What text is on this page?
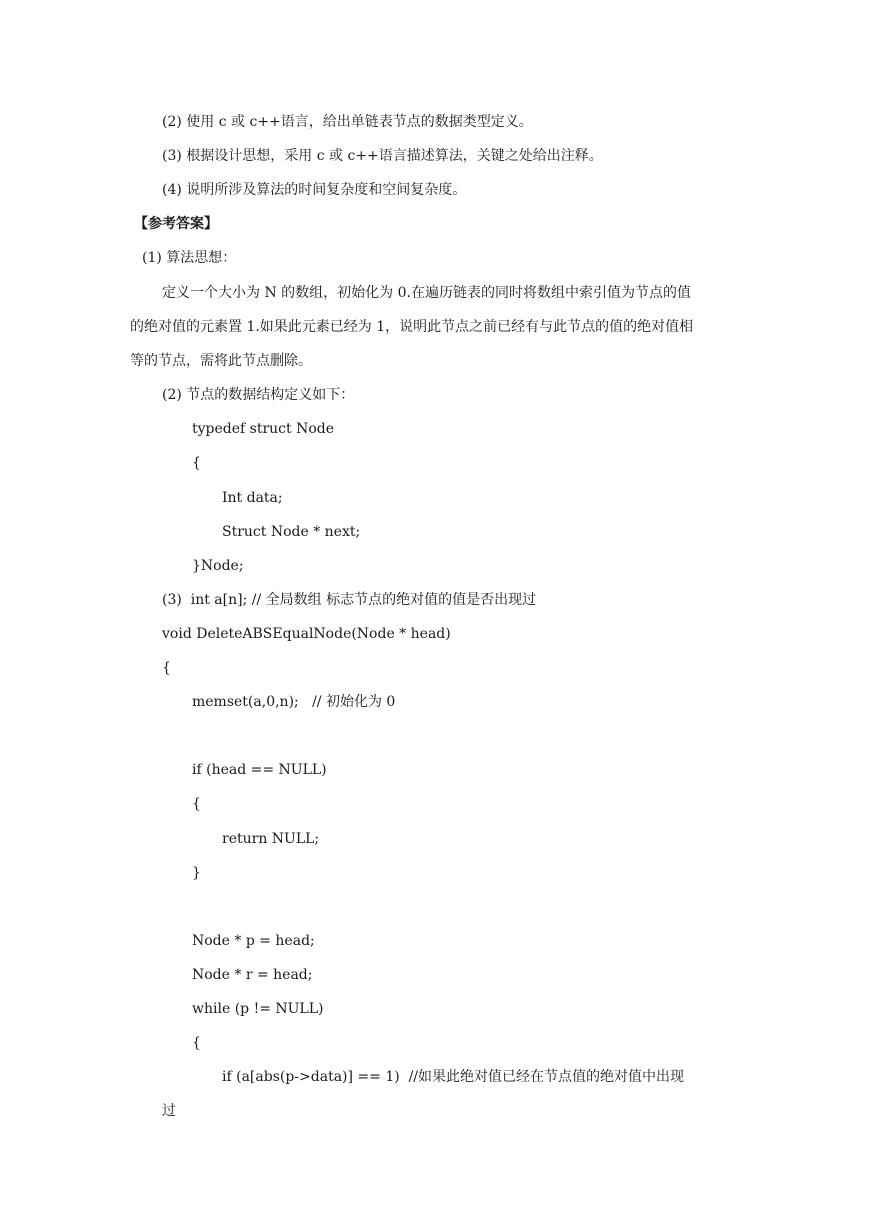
(2) 使用 c 或 c++语言，给出单链表节点的数据类型定义。
(3) 根据设计思想，采用 c 或 c++语言描述算法，关键之处给出注释。
(4) 说明所涉及算法的时间复杂度和空间复杂度。
【参考答案】
(1) 算法思想：
定义一个大小为 N 的数组，初始化为 0.在遍历链表的同时将数组中索引值为节点的值
的绝对值的元素置 1.如果此元素已经为 1，说明此节点之前已经有与此节点的值的绝对值相
等的节点，需将此节点删除。
(2) 节点的数据结构定义如下：
typedef struct Node
{
Int data;
Struct Node * next;
}Node;
(3)  int a[n]; // 全局数组 标志节点的绝对值的值是否出现过
void DeleteABSEqualNode(Node * head)
{
memset(a,0,n);   // 初始化为 0
if (head == NULL)
{
return NULL;
}
Node * p = head;
Node * r = head;
while (p != NULL)
{
if (a[abs(p->data)] == 1)  //如果此绝对值已经在节点值的绝对值中出现
过
